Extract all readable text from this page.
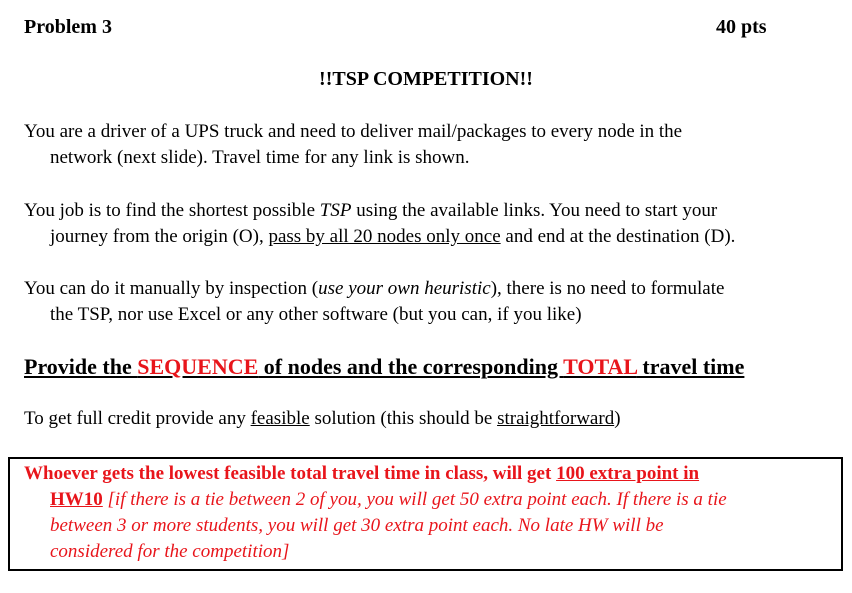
Problem 3	40 pts
!!TSP COMPETITION!!
You are a driver of a UPS truck and need to deliver mail/packages to every node in the
network (next slide). Travel time for any link is shown.
You job is to find the shortest possible TSP using the available links. You need to start your
journey from the origin (O), pass by all 20 nodes only once and end at the destination (D).
You can do it manually by inspection (use your own heuristic), there is no need to formulate
the TSP, nor use Excel or any other software (but you can, if you like)
Provide the SEQUENCE of nodes and the corresponding TOTAL travel time
To get full credit provide any feasible solution (this should be straightforward)
Whoever gets the lowest feasible total travel time in class, will get 100 extra point in
HW10 [if there is a tie between 2 of you, you will get 50 extra point each. If there is a tie
between 3 or more students, you will get 30 extra point each. No late HW will be
considered for the competition]
